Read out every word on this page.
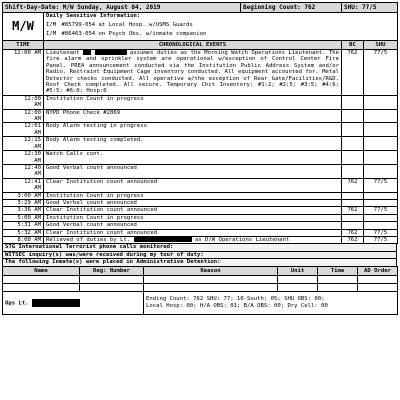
Shift-Day-Date: M/W Sunday, August 04, 2019	Beginning Count: 762	SHU: 77/5
M/W	Daily Sensitive Information:	
	I/M	#85799-054 at Local Hosp. w/USMS Guards
	I/M	#86463-054 on Psych Obs. w/inmate companion
TIME	CHRONOLOGICAL EVENTS	BC	SHU
12:00 AM	Lieutenant assumes duties as the Morning Watch Operations Lieutenant. The fire alarm and sprinkler system are operational w/exception of Control Center Fire Panel. PREA announcement conducted via the Institution Public Address System and/or Radio. Restraint Equipment Cage inventory conducted. All equipment accounted for. Metal Detector checks conducted. All operative w/the exception of Rear Gate/Facilities/R&D. Roof Check completed. All secure. Temporary Chit Inventory: #1:2; #2:5; #3:5; #4:6; #5:5; #6:0; Hosp:0	762	77/5

12:00
AM	Institution Count in progress		

12:00
AM	NYPD Phone Check #2869		

12:01
AM	Body Alarm testing in progress		

12:15
AM	Body Alarm testing completed.		

12:30
AM	Watch Calls cont.		

12:40
AM	Good Verbal count announced		

12:41
AM	Clear Institution count announced	762	77/5
3:00 AM	Institution Count in progress		
3:29 AM	Good Verbal count announced		
3:36 AM	Clear Institution count announced	762	77/5
5:00 AM	Institution Count in progress		
5:31 AM	Good Verbal count announced		
5:32 AM	Clear Institution count announced	762	77/5
8:00 AM	Relieved of duties by Lt. as D/W Operations Lieutenant	762	77/5
STG International Terrorist phone calls monitored:
WITSEC inquiry(s) was/were received during my tour of duty:
The following Inmate(s) were placed in Administrative Detention:
Name	Reg: Number	Reason	Unit	Time	AD Order

Ops Lt.	
Ending Count: 762 SHU: 77; 10-South: 05; SHU OBS: 00;
Local Hosp: 00; H/A OBS: 01; B/A OBS: 00; Dry Cell: 00
